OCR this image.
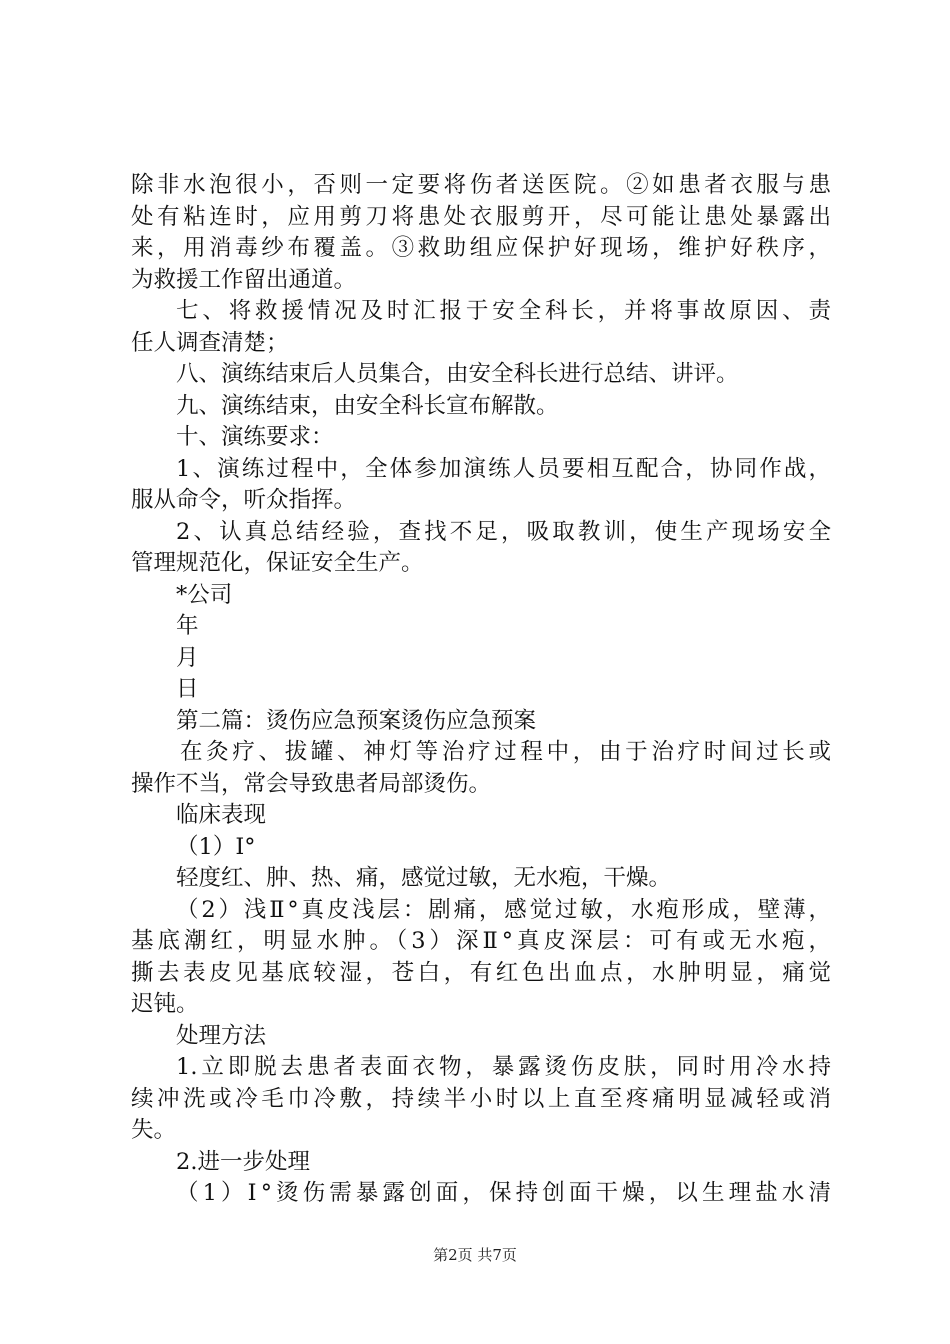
除非水泡很小，否则一定要将伤者送医院。②如患者衣服与患
处有粘连时，应用剪刀将患处衣服剪开，尽可能让患处暴露出
来，用消毒纱布覆盖。③救助组应保护好现场，维护好秩序，
为救援工作留出通道。
七、将救援情况及时汇报于安全科长，并将事故原因、责
任人调查清楚；
八、演练结束后人员集合，由安全科长进行总结、讲评。
九、演练结束，由安全科长宣布解散。
十、演练要求：
1、演练过程中，全体参加演练人员要相互配合，协同作战，
服从命令，听众指挥。
2、认真总结经验，查找不足，吸取教训，使生产现场安全
管理规范化，保证安全生产。
*公司
年
月
日
第二篇：烫伤应急预案烫伤应急预案
在灸疗、拔罐、神灯等治疗过程中，由于治疗时间过长或
操作不当，常会导致患者局部烫伤。
临床表现
（1）Ⅰ°
轻度红、肿、热、痛，感觉过敏，无水疱，干燥。
（2）浅Ⅱ°真皮浅层：剧痛，感觉过敏，水疱形成，壁薄，
基底潮红，明显水肿。（3）深Ⅱ°真皮深层：可有或无水疱，
撕去表皮见基底较湿，苍白，有红色出血点，水肿明显，痛觉
迟钝。
处理方法
1.立即脱去患者表面衣物，暴露烫伤皮肤，同时用冷水持
续冲洗或冷毛巾冷敷，持续半小时以上直至疼痛明显减轻或消
失。
2.进一步处理
（1）Ⅰ°烫伤需暴露创面，保持创面干燥，以生理盐水清
第2页 共7页
